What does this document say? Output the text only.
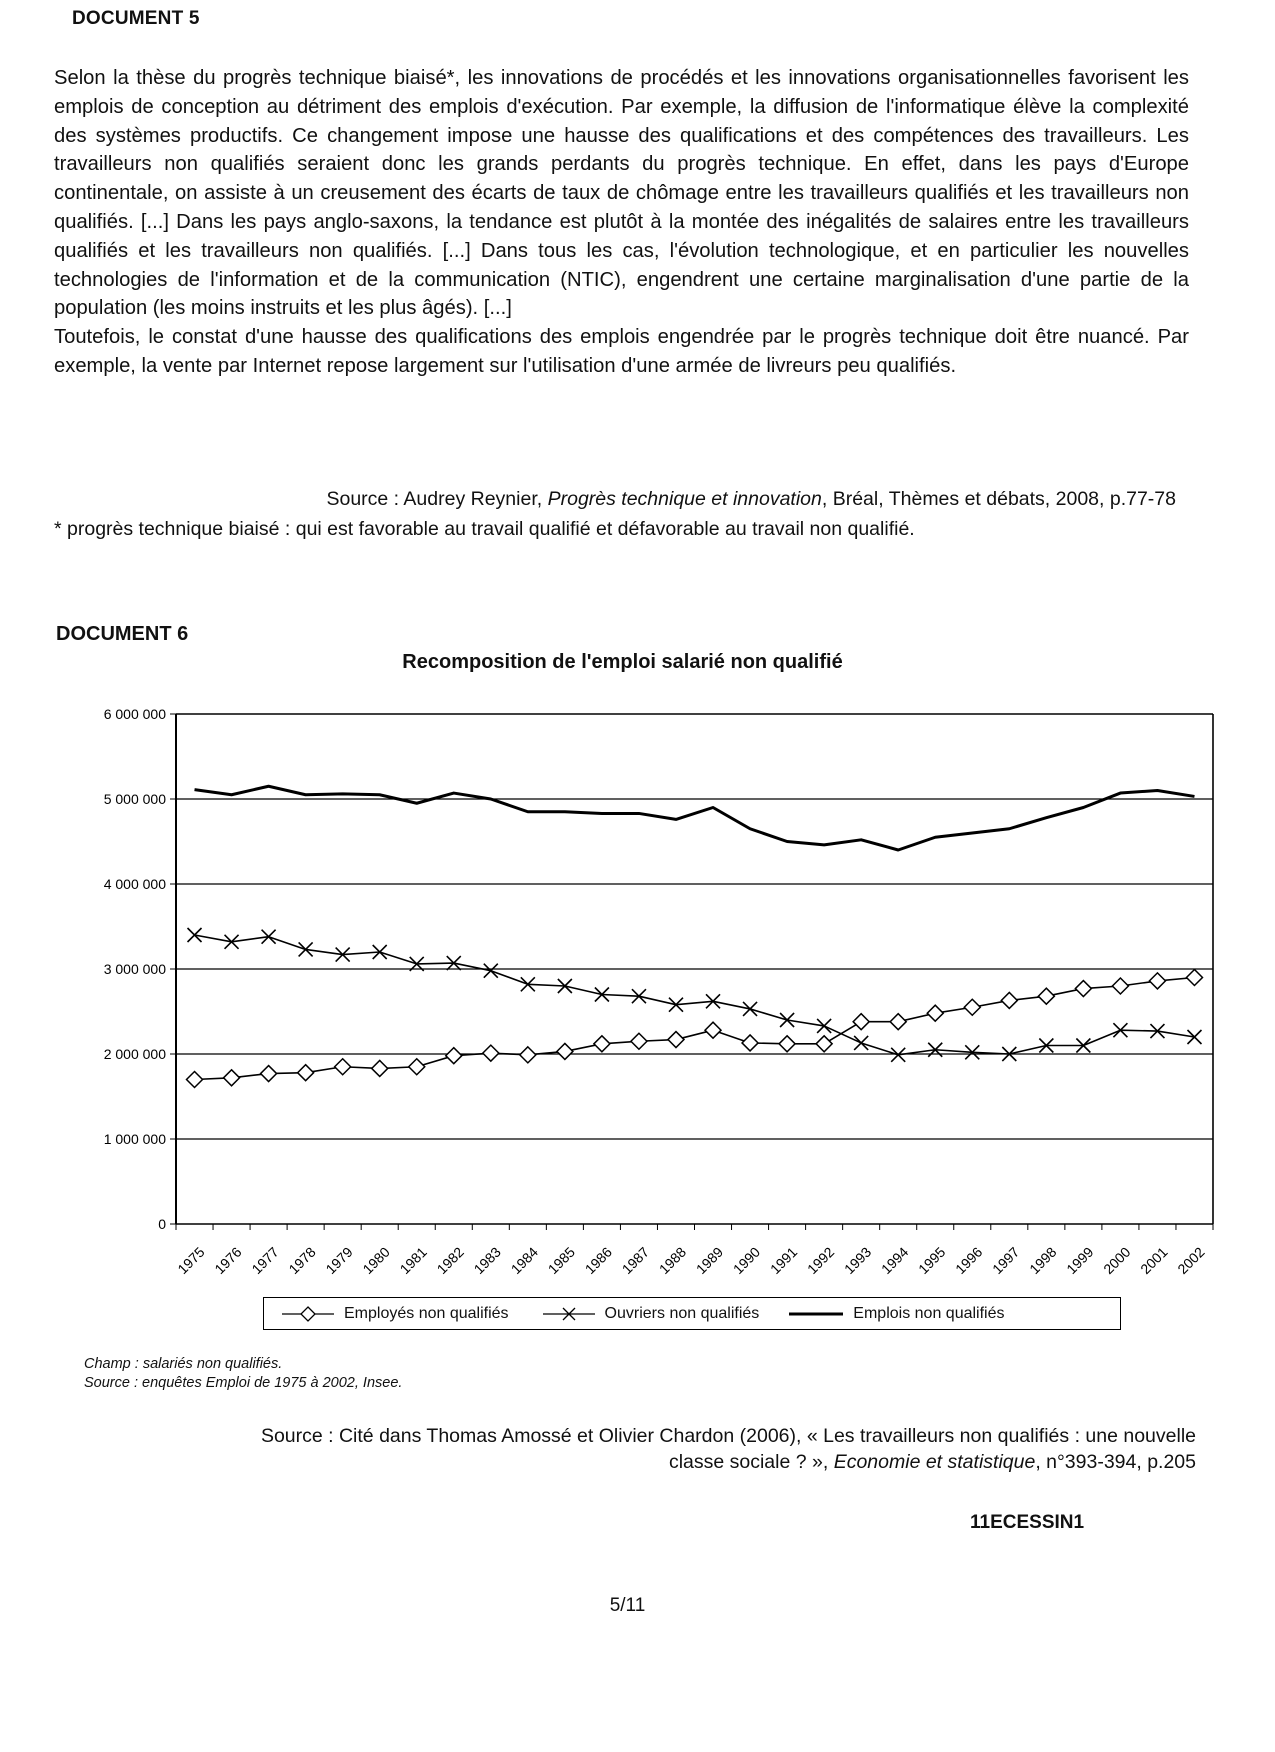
DOCUMENT 5

Selon la thèse du progrès technique biaisé*, les innovations de procédés et les innovations organisationnelles favorisent les emplois de conception au détriment des emplois d'exécution. Par exemple, la diffusion de l'informatique élève la complexité des systèmes productifs. Ce changement impose une hausse des qualifications et des compétences des travailleurs. Les travailleurs non qualifiés seraient donc les grands perdants du progrès technique. En effet, dans les pays d'Europe continentale, on assiste à un creusement des écarts de taux de chômage entre les travailleurs qualifiés et les travailleurs non qualifiés. [...] Dans les pays anglo-saxons, la tendance est plutôt à la montée des inégalités de salaires entre les travailleurs qualifiés et les travailleurs non qualifiés. [...] Dans tous les cas, l'évolution technologique, et en particulier les nouvelles technologies de l'information et de la communication (NTIC), engendrent une certaine marginalisation d'une partie de la population (les moins instruits et les plus âgés). [...]

Toutefois, le constat d'une hausse des qualifications des emplois engendrée par le progrès technique doit être nuancé. Par exemple, la vente par Internet repose largement sur l'utilisation d'une armée de livreurs peu qualifiés.

Source : Audrey Reynier, Progrès technique et innovation, Bréal, Thèmes et débats, 2008, p.77-78
* progrès technique biaisé : qui est favorable au travail qualifié et défavorable au travail non qualifié.
DOCUMENT 6
Recomposition de l'emploi salarié non qualifié
0
1 000 000
2 000 000
3 000 000
4 000 000
5 000 000
6 000 000
1975 1976 1977 1978 1979 1980 1981 1982 1983 1984 1985 1986 1987 1988 1989 1990 1991 1992 1993 1994 1995 1996 1997 1998 1999 2000 2001 2002
Employés non qualifiés	Ouvriers non qualifiés	Emplois non qualifiés
Champ : salariés non qualifiés.
Source : enquêtes Emploi de 1975 à 2002, Insee.
Source : Cité dans Thomas Amossé et Olivier Chardon (2006), « Les travailleurs non qualifiés : une nouvelle
classe sociale ? », Economie et statistique, n°393-394, p.205
11ECESSIN1
5/11
